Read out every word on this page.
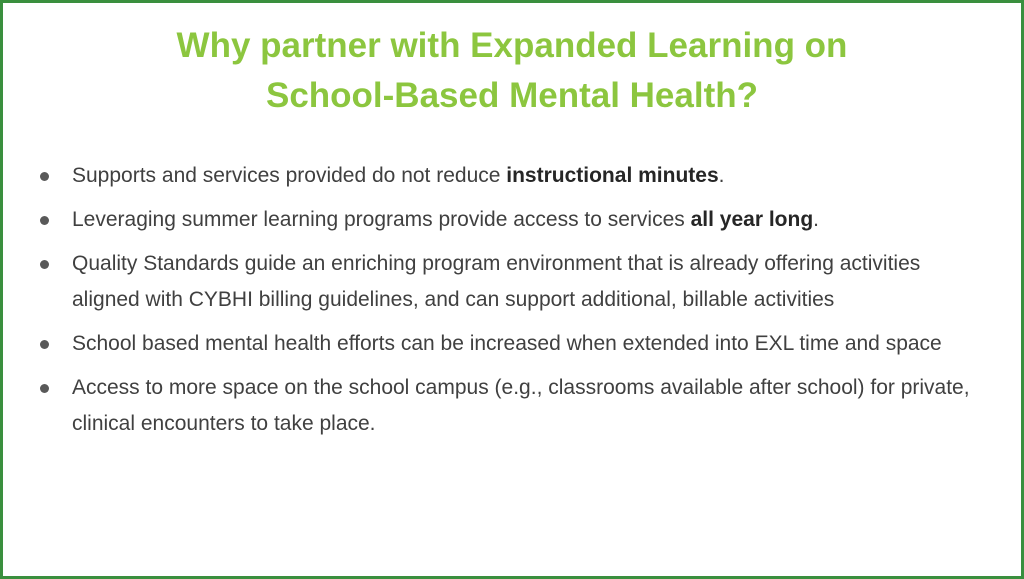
Why partner with Expanded Learning on
School-Based Mental Health?
Supports and services provided do not reduce instructional minutes.
Leveraging summer learning programs provide access to services all year long.
Quality Standards guide an enriching program environment that is already offering activities aligned with CYBHI billing guidelines, and can support additional, billable activities
School based mental health efforts can be increased when extended into EXL time and space
Access to more space on the school campus (e.g., classrooms available after school) for private, clinical encounters to take place.
